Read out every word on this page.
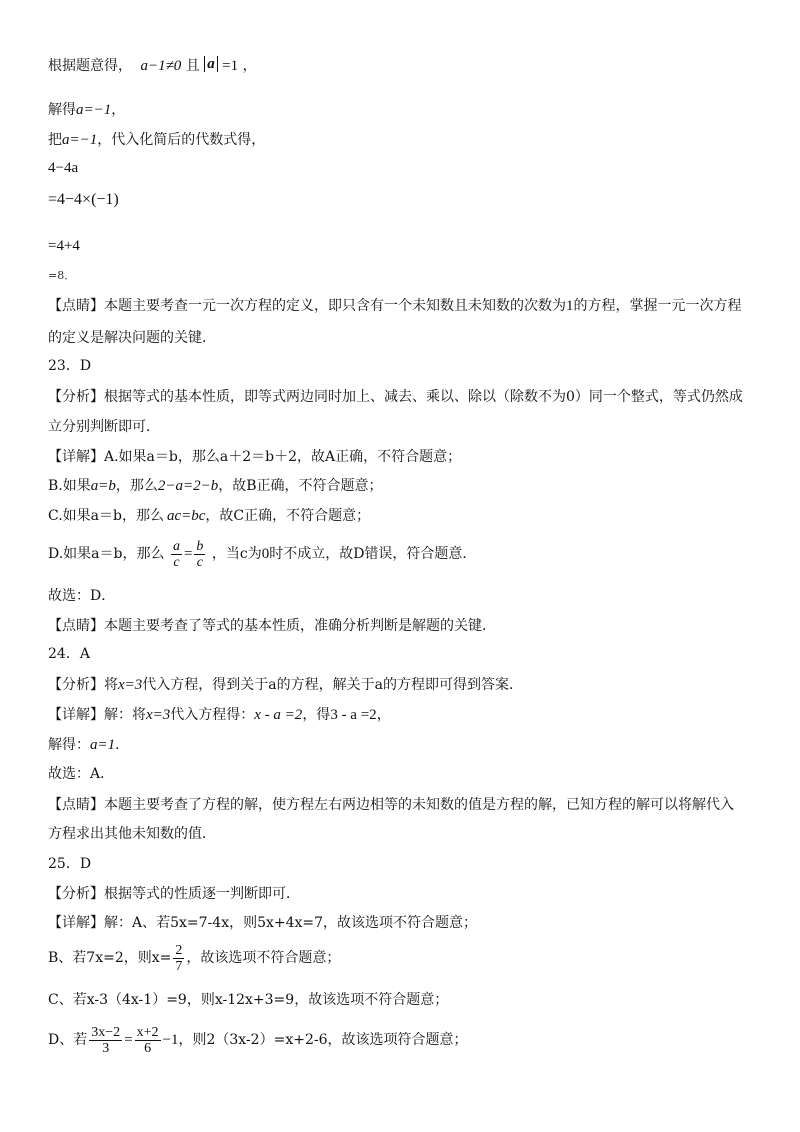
根据题意得， a−1≠0 且 a =1 ，
解得a=−1，
把a=−1，代入化简后的代数式得，
4−4a
=4−4×(−1)
=4+4
=8．
【点睛】本题主要考查一元一次方程的定义，即只含有一个未知数且未知数的次数为1的方程，掌握一元一次方程
的定义是解决问题的关键．
23．D
【分析】根据等式的基本性质，即等式两边同时加上、减去、乘以、除以（除数不为0）同一个整式，等式仍然成
立分别判断即可．
【详解】A.如果a＝b，那么a＋2＝b＋2，故A正确，不符合题意；
B.如果a=b，那么2−a=2−b，故B正确，不符合题意；
C.如果a＝b，那么 ac=bc，故C正确，不符合题意；
D.如果a＝b，那么 $\frac{a}{c} = \frac{b}{c}$ ，当c为0时不成立，故D错误，符合题意．
故选：D．
【点睛】本题主要考查了等式的基本性质，准确分析判断是解题的关键．
24．A
【分析】将x=3代入方程，得到关于a的方程，解关于a的方程即可得到答案．
【详解】解：将x=3代入方程得：x - a =2，得3 - a =2，
解得：a=1．
故选：A．
【点睛】本题主要考查了方程的解，使方程左右两边相等的未知数的值是方程的解，已知方程的解可以将解代入
方程求出其他未知数的值．
25．D
【分析】根据等式的性质逐一判断即可．
【详解】解：A、若5x=7-4x，则5x+4x=7，故该选项不符合题意；
B、若7x=2，则$x= \frac{2}{7}$ ，故该选项不符合题意；
C、若x-3（4x-1）=9，则x-12x+3=9，故该选项不符合题意；
D、若 $\frac{3x-2}{3} = \frac{x+2}{6} -1$，则2（3x-2）=x+2-6，故该选项符合题意；
